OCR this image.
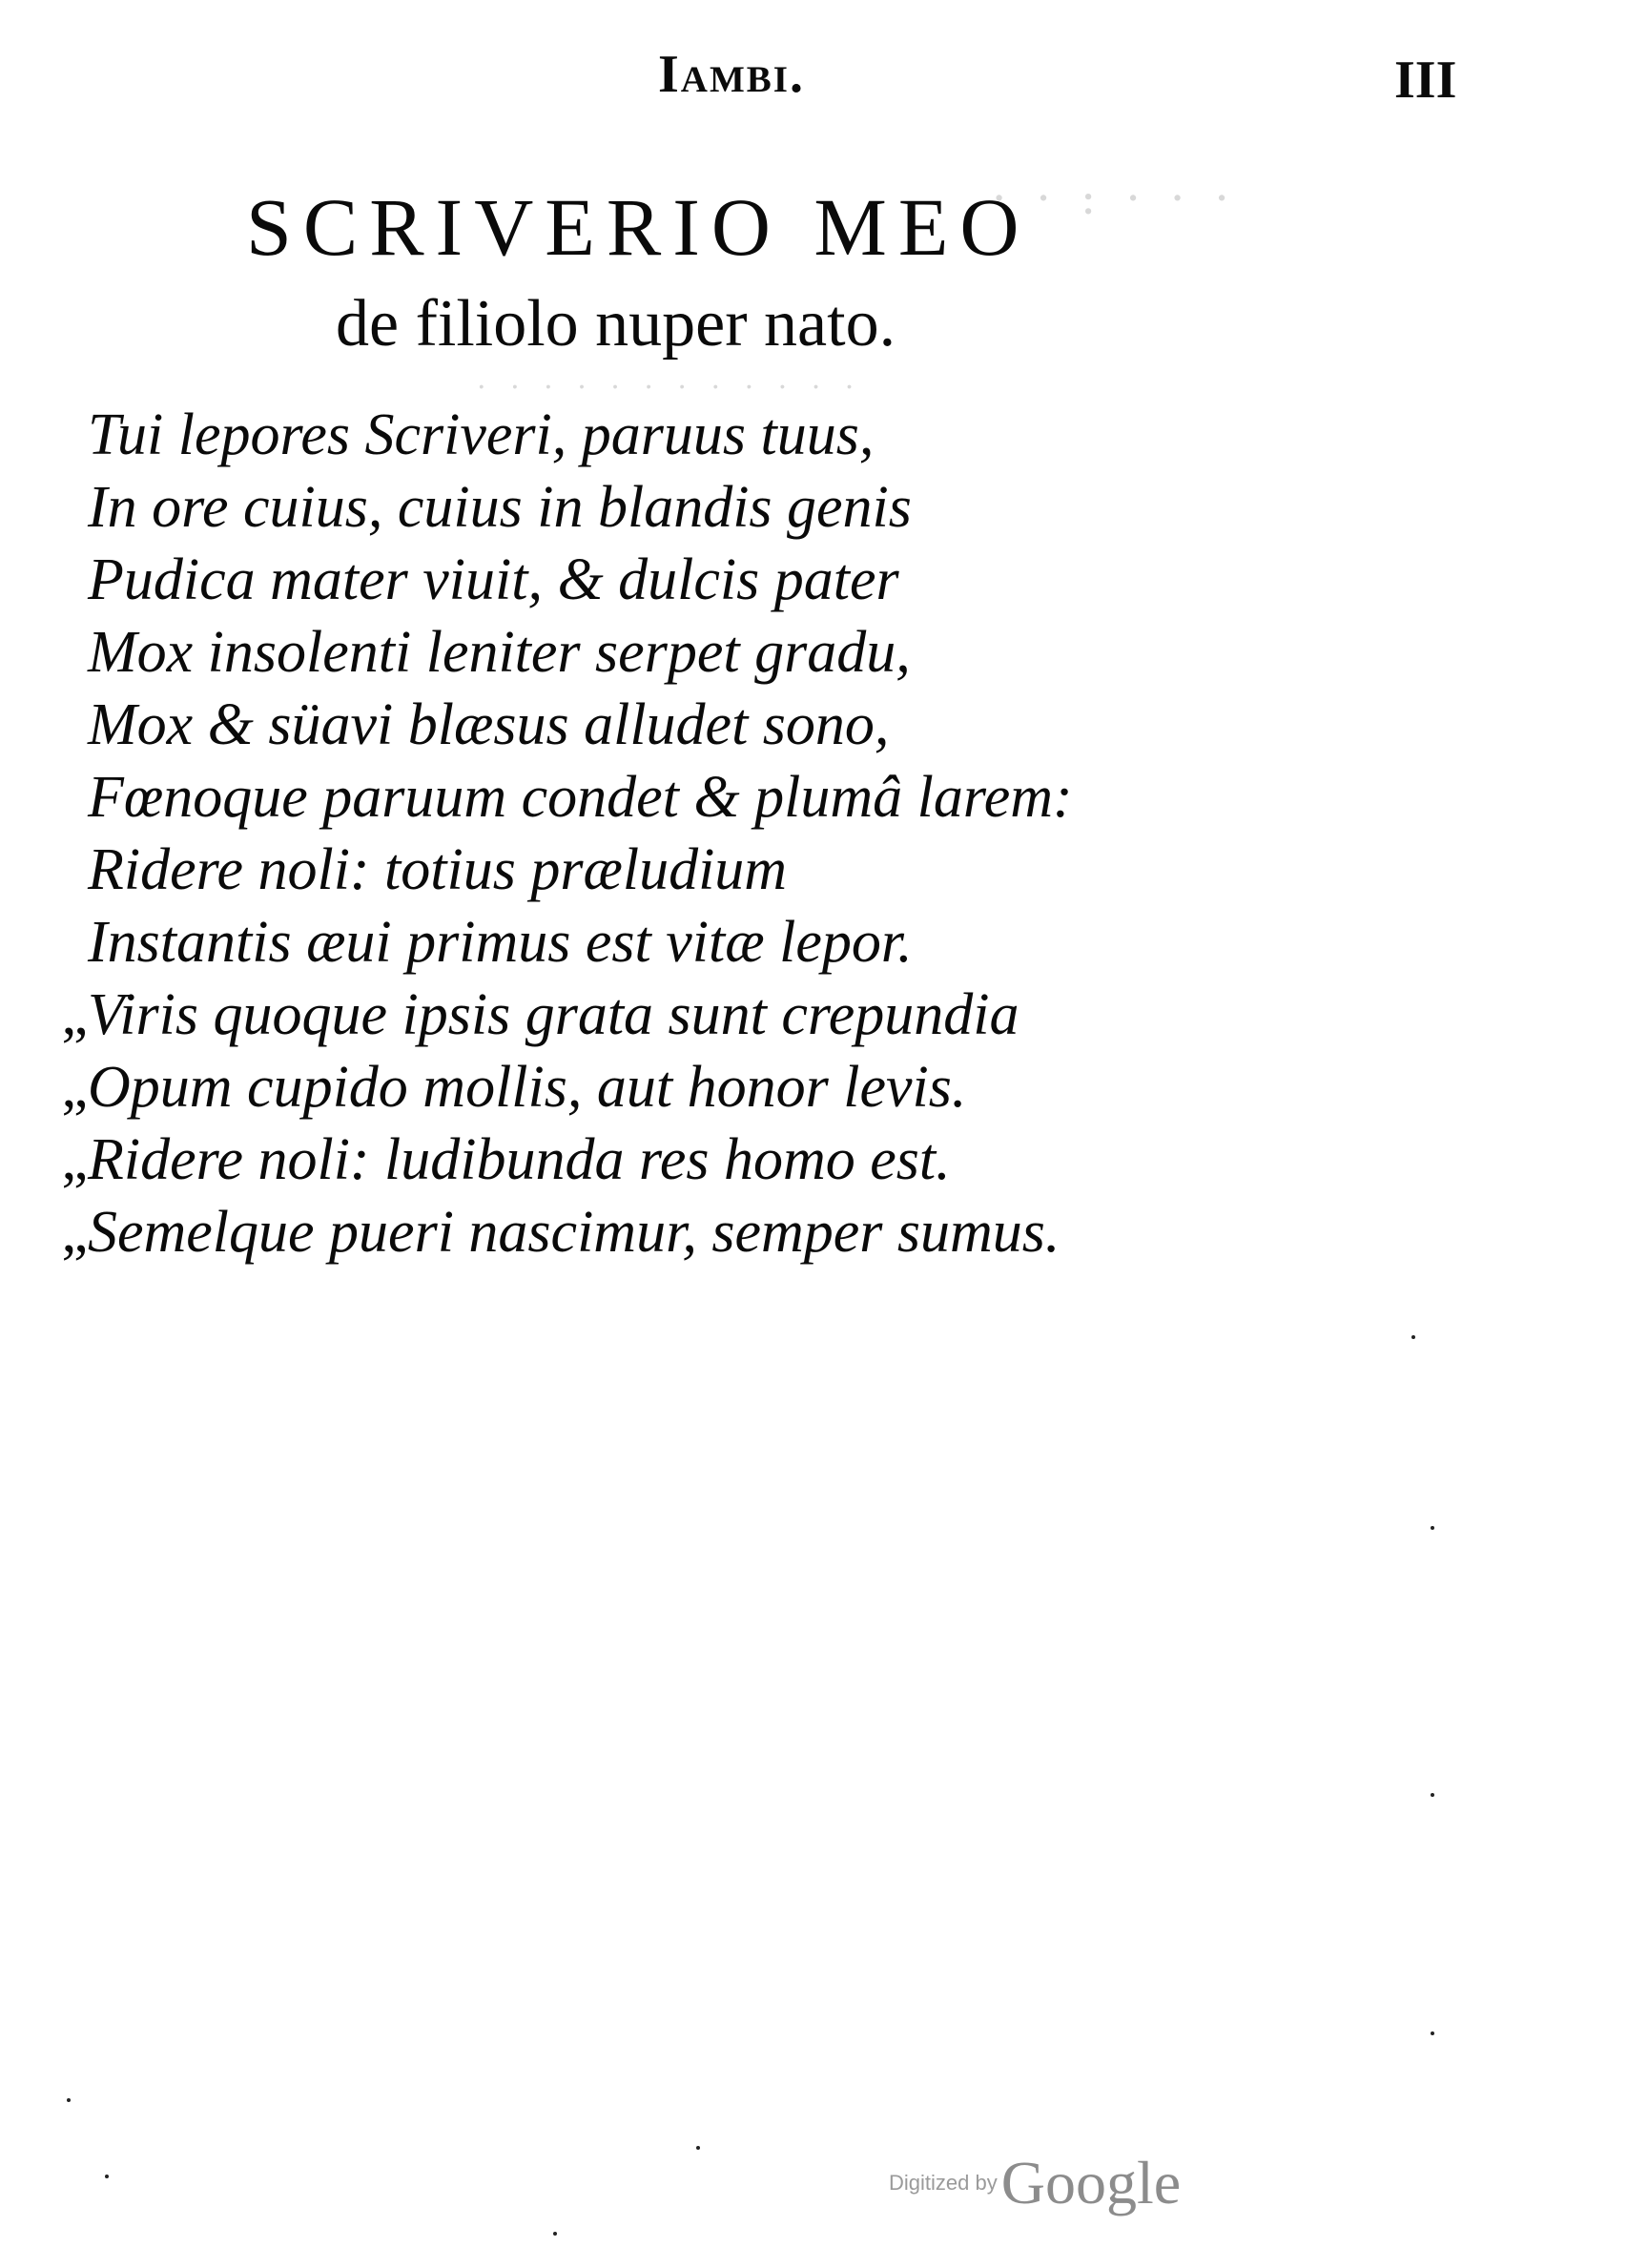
· · : · · ·
. . . . . . . . . . . .
Iambi.	III
SCRIVERIO MEO
de filiolo nuper nato.
Tui lepores Scriveri, paruus tuus,
In ore cuius, cuius in blandis genis
Pudica mater viuit, & dulcis pater
Mox insolenti leniter serpet gradu,
Mox & süavi blæsus alludet sono,
Fœnoque paruum condet & plumâ larem:
Ridere noli: totius præludium
Instantis æui primus est vitæ lepor.
„Viris quoque ipsis grata sunt crepundia
„Opum cupido mollis, aut honor levis.
„Ridere noli: ludibunda res homo est.
„Semelque pueri nascimur, semper sumus.
Digitized byGoogle
